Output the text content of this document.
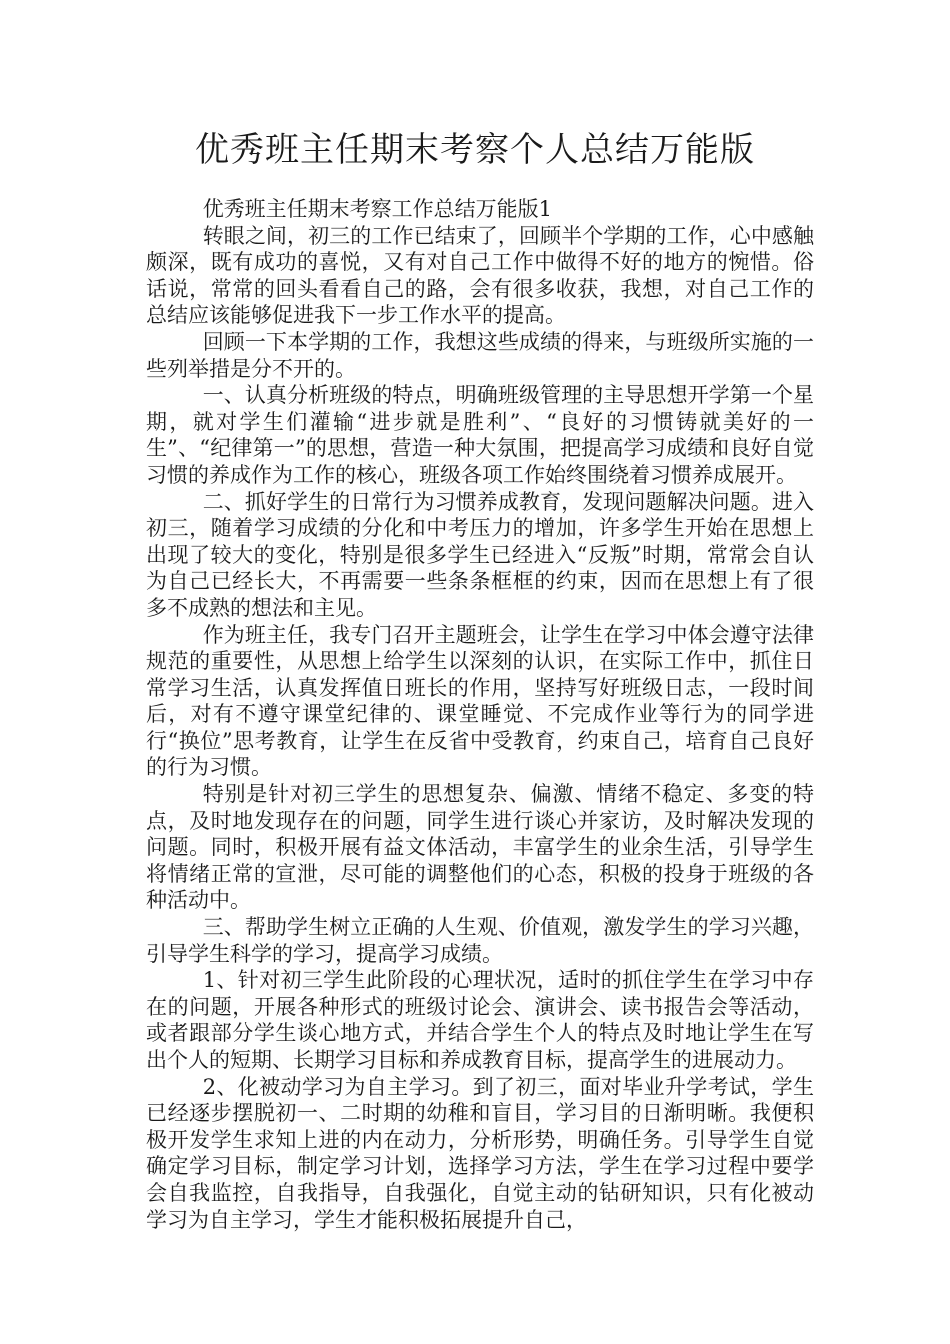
优秀班主任期末考察个人总结万能版

优秀班主任期末考察工作总结万能版1

转眼之间，初三的工作已结束了，回顾半个学期的工作，心中感触颇深，既有成功的喜悦，又有对自己工作中做得不好的地方的惋惜。俗话说，常常的回头看看自己的路，会有很多收获，我想，对自己工作的总结应该能够促进我下一步工作水平的提高。

回顾一下本学期的工作，我想这些成绩的得来，与班级所实施的一些列举措是分不开的。

一、认真分析班级的特点，明确班级管理的主导思想开学第一个星期，就对学生们灌输“进步就是胜利”、“良好的习惯铸就美好的一生”、“纪律第一”的思想，营造一种大氛围，把提高学习成绩和良好自觉习惯的养成作为工作的核心，班级各项工作始终围绕着习惯养成展开。

二、抓好学生的日常行为习惯养成教育，发现问题解决问题。进入初三，随着学习成绩的分化和中考压力的增加，许多学生开始在思想上出现了较大的变化，特别是很多学生已经进入“反叛”时期，常常会自认为自己已经长大，不再需要一些条条框框的约束，因而在思想上有了很多不成熟的想法和主见。

作为班主任，我专门召开主题班会，让学生在学习中体会遵守法律规范的重要性，从思想上给学生以深刻的认识，在实际工作中，抓住日常学习生活，认真发挥值日班长的作用，坚持写好班级日志，一段时间后，对有不遵守课堂纪律的、课堂睡觉、不完成作业等行为的同学进行“换位”思考教育，让学生在反省中受教育，约束自己，培育自己良好的行为习惯。

特别是针对初三学生的思想复杂、偏激、情绪不稳定、多变的特点，及时地发现存在的问题，同学生进行谈心并家访，及时解决发现的问题。同时，积极开展有益文体活动，丰富学生的业余生活，引导学生将情绪正常的宣泄，尽可能的调整他们的心态，积极的投身于班级的各种活动中。

三、帮助学生树立正确的人生观、价值观，激发学生的学习兴趣，引导学生科学的学习，提高学习成绩。

1、针对初三学生此阶段的心理状况，适时的抓住学生在学习中存在的问题，开展各种形式的班级讨论会、演讲会、读书报告会等活动，或者跟部分学生谈心地方式，并结合学生个人的特点及时地让学生在写出个人的短期、长期学习目标和养成教育目标，提高学生的进展动力。

2、化被动学习为自主学习。到了初三，面对毕业升学考试，学生已经逐步摆脱初一、二时期的幼稚和盲目，学习目的日渐明晰。我便积极开发学生求知上进的内在动力，分析形势，明确任务。引导学生自觉确定学习目标，制定学习计划，选择学习方法，学生在学习过程中要学会自我监控，自我指导，自我强化，自觉主动的钻研知识，只有化被动学习为自主学习，学生才能积极拓展提升自己，
